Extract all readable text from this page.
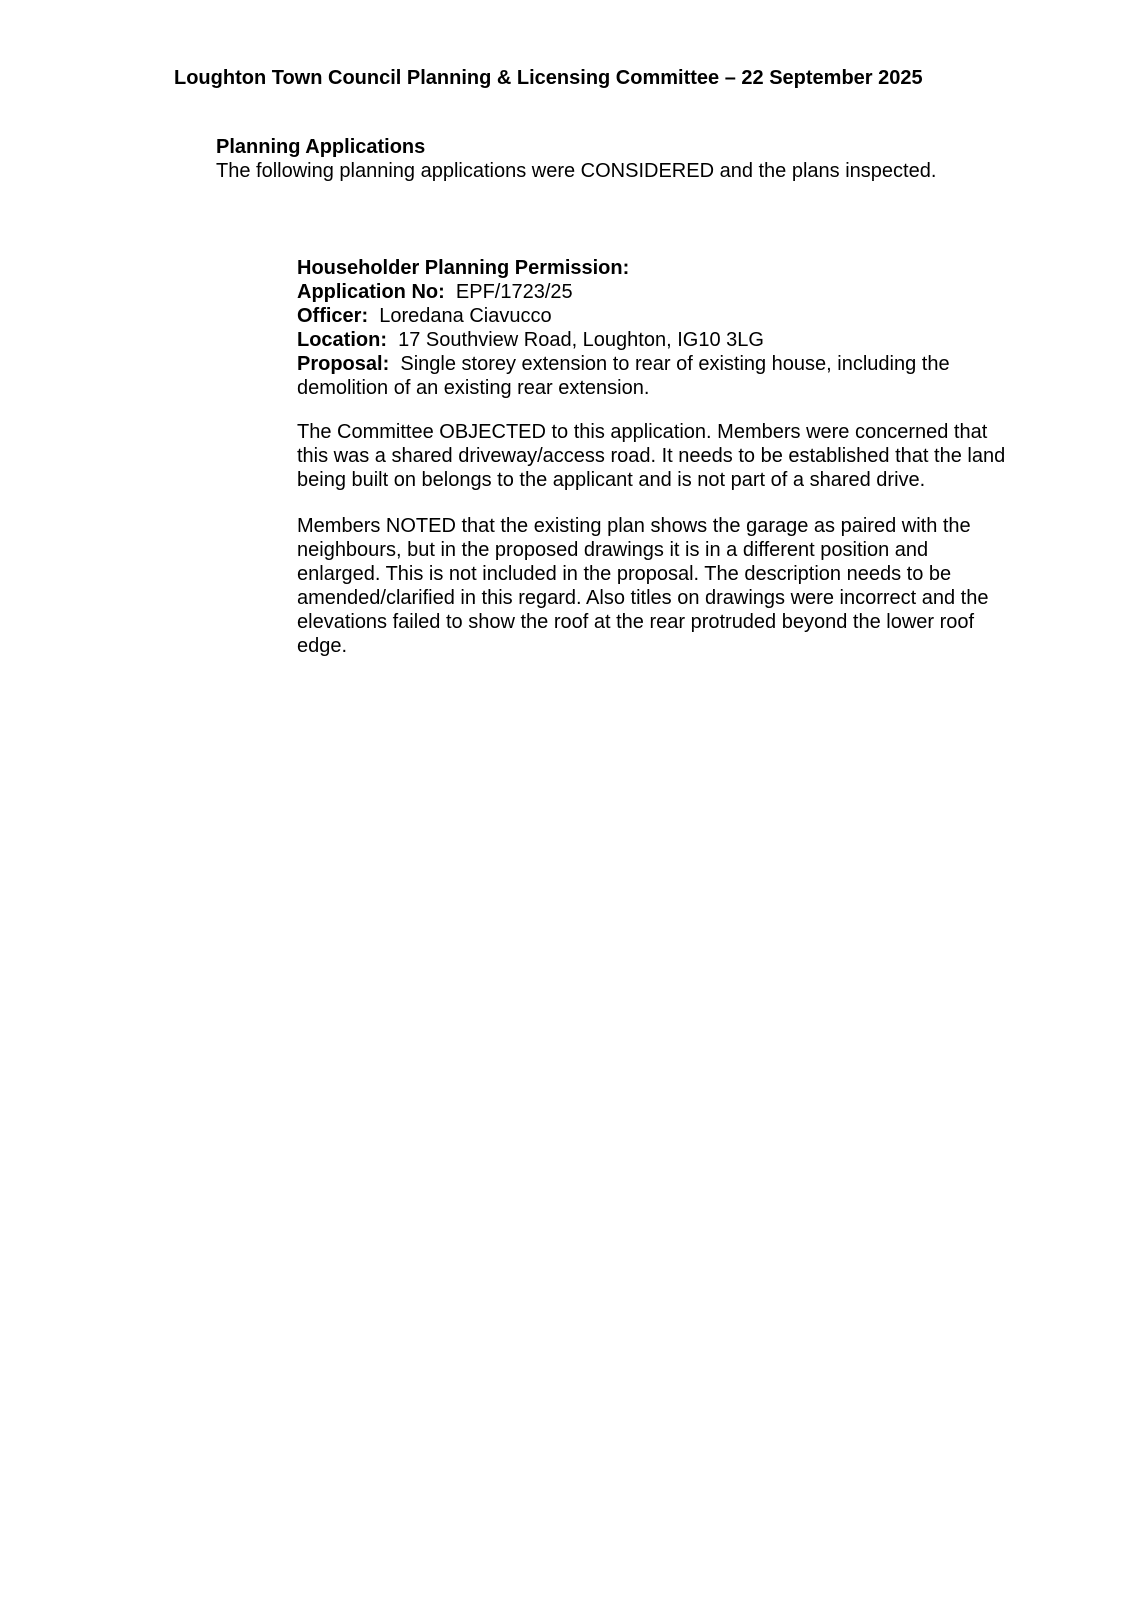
Loughton Town Council Planning & Licensing Committee – 22 September 2025
Planning Applications
The following planning applications were CONSIDERED and the plans inspected.
Householder Planning Permission:

Application No: EPF/1723/25

Officer: Loredana Ciavucco

Location: 17 Southview Road, Loughton, IG10 3LG

Proposal: Single storey extension to rear of existing house, including the demolition of an existing rear extension.

The Committee OBJECTED to this application. Members were concerned that this was a shared driveway/access road. It needs to be established that the land being built on belongs to the applicant and is not part of a shared drive.

Members NOTED that the existing plan shows the garage as paired with the neighbours, but in the proposed drawings it is in a different position and enlarged. This is not included in the proposal. The description needs to be amended/clarified in this regard. Also titles on drawings were incorrect and the elevations failed to show the roof at the rear protruded beyond the lower roof edge.
